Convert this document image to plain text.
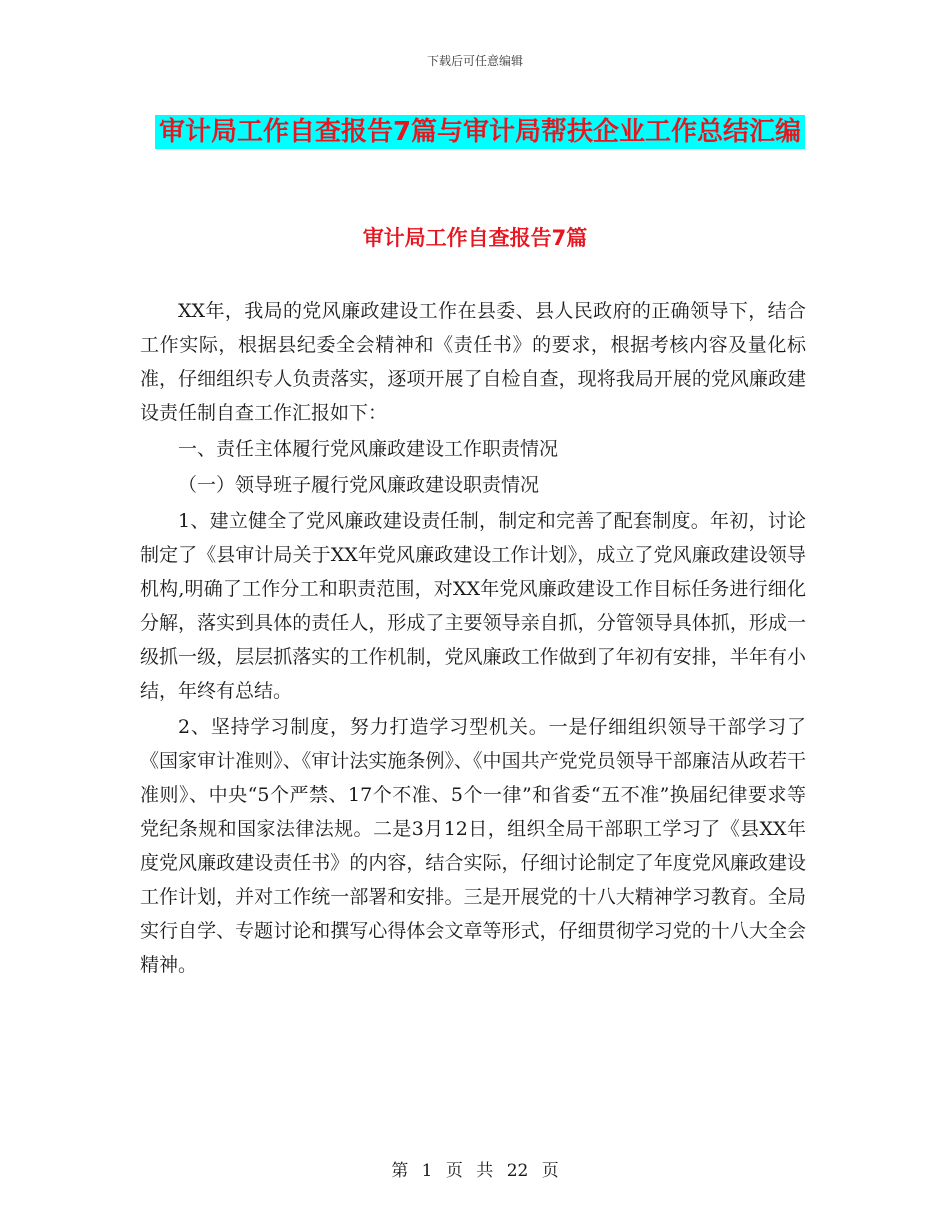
下载后可任意编辑
审计局工作自查报告7篇与审计局帮扶企业工作总结汇编
审计局工作自查报告7篇

XX年，我局的党风廉政建设工作在县委、县人民政府的正确领导下，结合工作实际，根据县纪委全会精神和《责任书》的要求，根据考核内容及量化标准，仔细组织专人负责落实，逐项开展了自检自查，现将我局开展的党风廉政建设责任制自查工作汇报如下：

一、责任主体履行党风廉政建设工作职责情况

（一）领导班子履行党风廉政建设职责情况

1、建立健全了党风廉政建设责任制，制定和完善了配套制度。年初，讨论制定了《县审计局关于XX年党风廉政建设工作计划》，成立了党风廉政建设领导机构,明确了工作分工和职责范围，对XX年党风廉政建设工作目标任务进行细化分解，落实到具体的责任人，形成了主要领导亲自抓，分管领导具体抓，形成一级抓一级，层层抓落实的工作机制，党风廉政工作做到了年初有安排，半年有小结，年终有总结。

2、坚持学习制度，努力打造学习型机关。一是仔细组织领导干部学习了《国家审计准则》、《审计法实施条例》、《中国共产党党员领导干部廉洁从政若干准则》、中央“5个严禁、17个不准、5个一律”和省委“五不准”换届纪律要求等党纪条规和国家法律法规。二是3月12日，组织全局干部职工学习了《县XX年度党风廉政建设责任书》的内容，结合实际，仔细讨论制定了年度党风廉政建设工作计划，并对工作统一部署和安排。三是开展党的十八大精神学习教育。全局实行自学、专题讨论和撰写心得体会文章等形式，仔细贯彻学习党的十八大全会精神。

第 1 页 共 22 页
